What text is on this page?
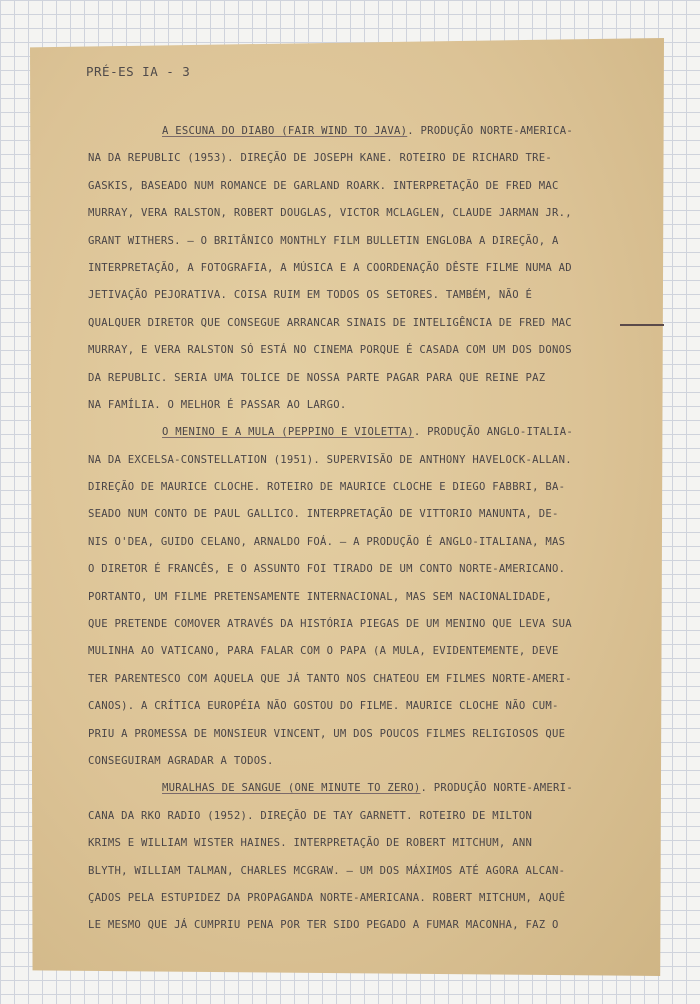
PRÉ-ES IA - 3
A ESCUNA DO DIABO (FAIR WIND TO JAVA). PRODUÇÃO NORTE-AMERICA-
NA DA REPUBLIC (1953). DIREÇÃO DE JOSEPH KANE. ROTEIRO DE RICHARD TRE-
GASKIS, BASEADO NUM ROMANCE DE GARLAND ROARK. INTERPRETAÇÃO DE FRED MAC
MURRAY, VERA RALSTON, ROBERT DOUGLAS, VICTOR MCLAGLEN, CLAUDE JARMAN JR.,
GRANT WITHERS. — O BRITÂNICO MONTHLY FILM BULLETIN ENGLOBA A DIREÇÃO, A
INTERPRETAÇÃO, A FOTOGRAFIA, A MÚSICA E A COORDENAÇÃO DÊSTE FILME NUMA AD
JETIVAÇÃO PEJORATIVA. COISA RUIM EM TODOS OS SETORES. TAMBÉM, NÃO É
QUALQUER DIRETOR QUE CONSEGUE ARRANCAR SINAIS DE INTELIGÊNCIA DE FRED MAC
MURRAY, E VERA RALSTON SÓ ESTÁ NO CINEMA PORQUE É CASADA COM UM DOS DONOS
DA REPUBLIC. SERIA UMA TOLICE DE NOSSA PARTE PAGAR PARA QUE REINE PAZ
NA FAMÍLIA. O MELHOR É PASSAR AO LARGO.
O MENINO E A MULA (PEPPINO E VIOLETTA). PRODUÇÃO ANGLO-ITALIA-
NA DA EXCELSA-CONSTELLATION (1951). SUPERVISÃO DE ANTHONY HAVELOCK-ALLAN.
DIREÇÃO DE MAURICE CLOCHE. ROTEIRO DE MAURICE CLOCHE E DIEGO FABBRI, BA-
SEADO NUM CONTO DE PAUL GALLICO. INTERPRETAÇÃO DE VITTORIO MANUNTA, DE-
NIS O'DEA, GUIDO CELANO, ARNALDO FOÁ. — A PRODUÇÃO É ANGLO-ITALIANA, MAS
O DIRETOR É FRANCÊS, E O ASSUNTO FOI TIRADO DE UM CONTO NORTE-AMERICANO.
PORTANTO, UM FILME PRETENSAMENTE INTERNACIONAL, MAS SEM NACIONALIDADE,
QUE PRETENDE COMOVER ATRAVÉS DA HISTÓRIA PIEGAS DE UM MENINO QUE LEVA SUA
MULINHA AO VATICANO, PARA FALAR COM O PAPA (A MULA, EVIDENTEMENTE, DEVE
TER PARENTESCO COM AQUELA QUE JÁ TANTO NOS CHATEOU EM FILMES NORTE-AMERI-
CANOS). A CRÍTICA EUROPÉIA NÃO GOSTOU DO FILME. MAURICE CLOCHE NÃO CUM-
PRIU A PROMESSA DE MONSIEUR VINCENT, UM DOS POUCOS FILMES RELIGIOSOS QUE
CONSEGUIRAM AGRADAR A TODOS.
MURALHAS DE SANGUE (ONE MINUTE TO ZERO). PRODUÇÃO NORTE-AMERI-
CANA DA RKO RADIO (1952). DIREÇÃO DE TAY GARNETT. ROTEIRO DE MILTON
KRIMS E WILLIAM WISTER HAINES. INTERPRETAÇÃO DE ROBERT MITCHUM, ANN
BLYTH, WILLIAM TALMAN, CHARLES MCGRAW. — UM DOS MÁXIMOS ATÉ AGORA ALCAN-
ÇADOS PELA ESTUPIDEZ DA PROPAGANDA NORTE-AMERICANA. ROBERT MITCHUM, AQUÊ
LE MESMO QUE JÁ CUMPRIU PENA POR TER SIDO PEGADO A FUMAR MACONHA, FAZ O
